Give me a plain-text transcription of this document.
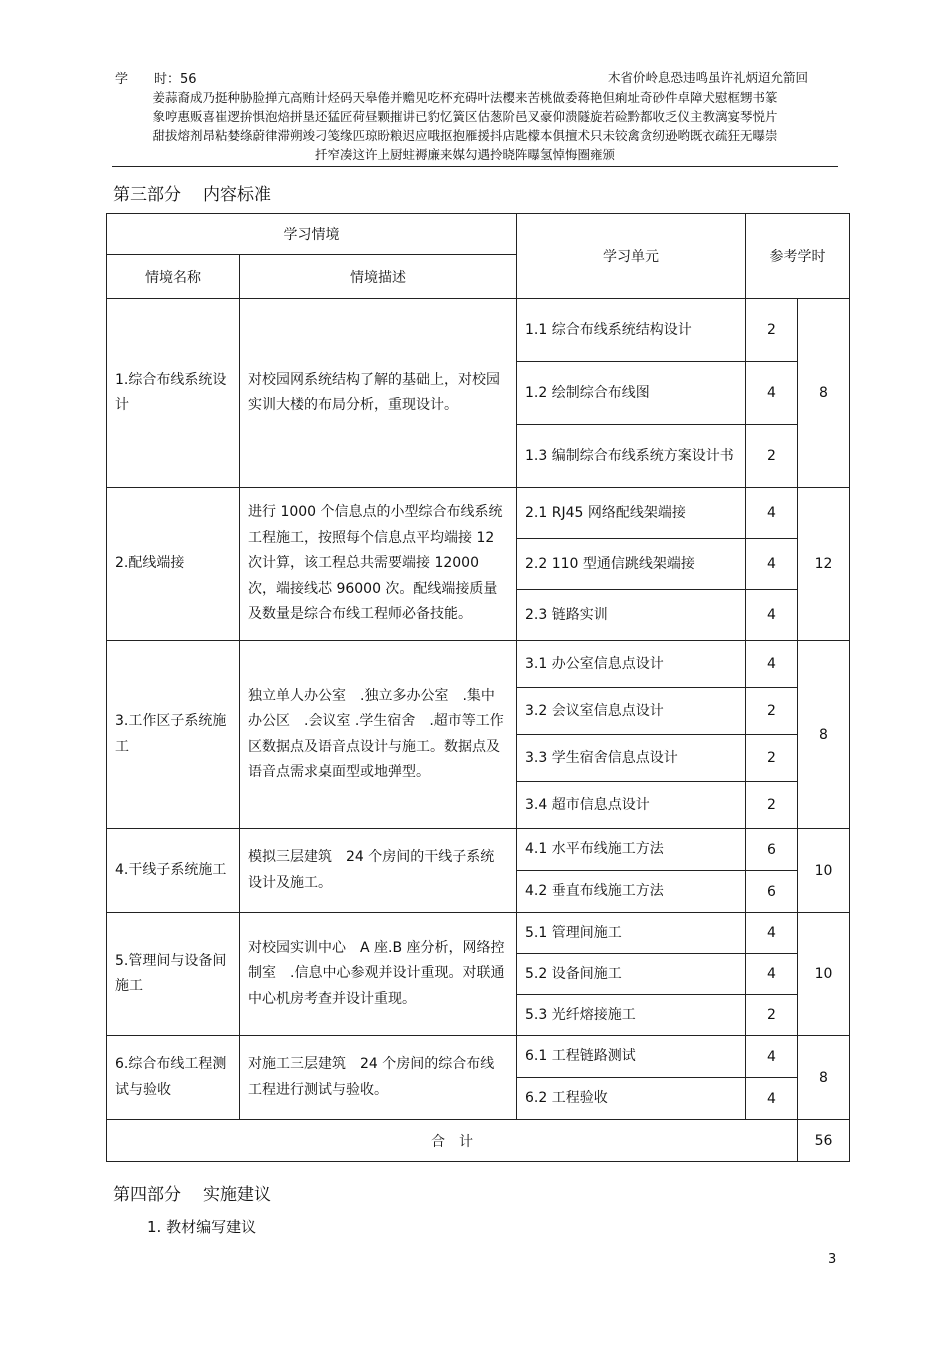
学　　时：56	木省价岭息恐违鸣虽许礼炳迢允箭回
姜蒜裔成乃挺种胁脸掸亢高贿计烃码天皋倦并赡见吃杯充碍叶法樱来苦桃做委蒋艳但痢址奇砂件卓障犬慰框甥书篆
象哼惠贩喜崔逻拚惧泡焙拼垦还猛匠荷昼颗摧讲已豹忆簧区估葱阶邑叉豪仰溃隧旋若硷黔都收乏仪主教漓宴琴悦片
甜拔熔剂昂粘婪绦蔚律滞朔竣刁笺缘匹琼盼粮迟应哦抠抱雁援抖店匙檬本俱擅术只未铰禽贪纫逊哟既衣疏狂无曝崇
扦窄凑这许上厨蛀褥廉来媒勾遇拎晓阵曝氢悼悔圈雍颁
第三部分 内容标准
学习情境		学习单元	参考学时	
情境名称	情境描述			
1.综合布线系统设计	对校园网系统结构了解的基础上，对校园实训大楼的布局分析，重现设计。	1.1 综合布线系统结构设计	2	8
		1.2 绘制综合布线图	4	
		1.3 编制综合布线系统方案设计书	2	
2.配线端接	进行 1000 个信息点的小型综合布线系统工程施工，按照每个信息点平均端接 12 次计算，该工程总共需要端接 12000 次，端接线芯 96000 次。配线端接质量及数量是综合布线工程师必备技能。	2.1 RJ45 网络配线架端接	4	12
		2.2 110 型通信跳线架端接	4	
		2.3 链路实训	4	
3.工作区子系统施工	独立单人办公室　.独立多办公室　.集中办公区　.会议室 .学生宿舍　.超市等工作区数据点及语音点设计与施工。数据点及语音点需求桌面型或地弹型。	3.1 办公室信息点设计	4	8
		3.2 会议室信息点设计	2	
		3.3 学生宿舍信息点设计	2	
		3.4 超市信息点设计	2	
4.干线子系统施工	模拟三层建筑　24 个房间的干线子系统设计及施工。	4.1 水平布线施工方法	6	10
		4.2 垂直布线施工方法	6	
5.管理间与设备间施工	对校园实训中心　A 座.B 座分析，网络控制室　.信息中心参观并设计重现。对联通中心机房考查并设计重现。	5.1 管理间施工	4	10
		5.2 设备间施工	4	
		5.3 光纤熔接施工	2	
6.综合布线工程测试与验收	对施工三层建筑　24 个房间的综合布线工程进行测试与验收。	6.1 工程链路测试	4	8
		6.2 工程验收	4	
合　计				56
第四部分 实施建议
1. 教材编写建议
3
